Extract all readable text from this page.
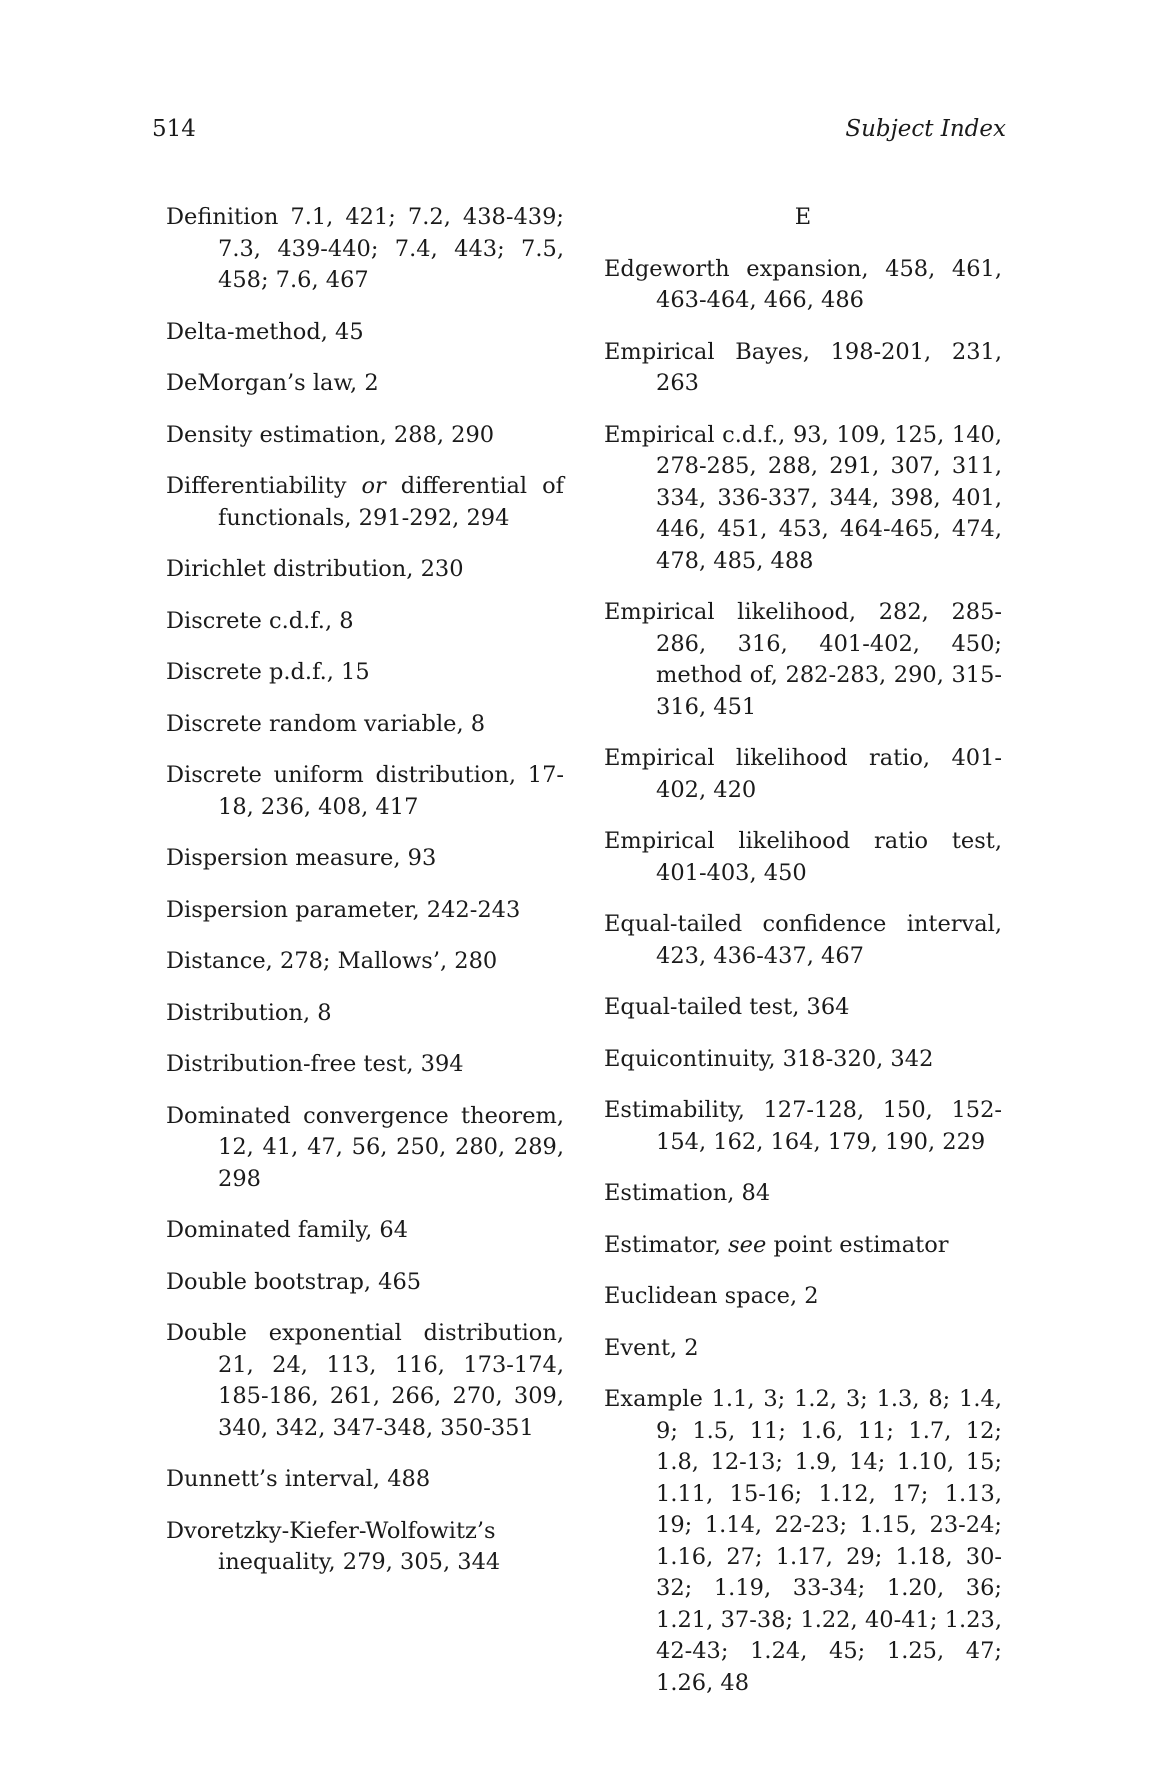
514	Subject Index

Definition 7.1, 421; 7.2, 438-439; 7.3, 439-440; 7.4, 443; 7.5, 458; 7.6, 467

Delta-method, 45

DeMorgan’s law, 2

Density estimation, 288, 290

Differentiability or differential of functionals, 291-292, 294

Dirichlet distribution, 230

Discrete c.d.f., 8

Discrete p.d.f., 15

Discrete random variable, 8

Discrete uniform distribution, 17-18, 236, 408, 417

Dispersion measure, 93

Dispersion parameter, 242-243

Distance, 278; Mallows’, 280

Distribution, 8

Distribution-free test, 394

Dominated convergence theorem, 12, 41, 47, 56, 250, 280, 289, 298

Dominated family, 64

Double bootstrap, 465

Double exponential distribution, 21, 24, 113, 116, 173-174, 185-186, 261, 266, 270, 309, 340, 342, 347-348, 350-351

Dunnett’s interval, 488

Dvoretzky-Kiefer-Wolfowitz’s inequality, 279, 305, 344

E

Edgeworth expansion, 458, 461, 463-464, 466, 486

Empirical Bayes, 198-201, 231, 263

Empirical c.d.f., 93, 109, 125, 140, 278-285, 288, 291, 307, 311, 334, 336-337, 344, 398, 401, 446, 451, 453, 464-465, 474, 478, 485, 488

Empirical likelihood, 282, 285-286, 316, 401-402, 450; method of, 282-283, 290, 315-316, 451

Empirical likelihood ratio, 401-402, 420

Empirical likelihood ratio test, 401-403, 450

Equal-tailed confidence interval, 423, 436-437, 467

Equal-tailed test, 364

Equicontinuity, 318-320, 342

Estimability, 127-128, 150, 152-154, 162, 164, 179, 190, 229

Estimation, 84

Estimator, see point estimator

Euclidean space, 2

Event, 2

Example 1.1, 3; 1.2, 3; 1.3, 8; 1.4, 9; 1.5, 11; 1.6, 11; 1.7, 12; 1.8, 12-13; 1.9, 14; 1.10, 15; 1.11, 15-16; 1.12, 17; 1.13, 19; 1.14, 22-23; 1.15, 23-24; 1.16, 27; 1.17, 29; 1.18, 30-32; 1.19, 33-34; 1.20, 36; 1.21, 37-38; 1.22, 40-41; 1.23, 42-43; 1.24, 45; 1.25, 47; 1.26, 48
